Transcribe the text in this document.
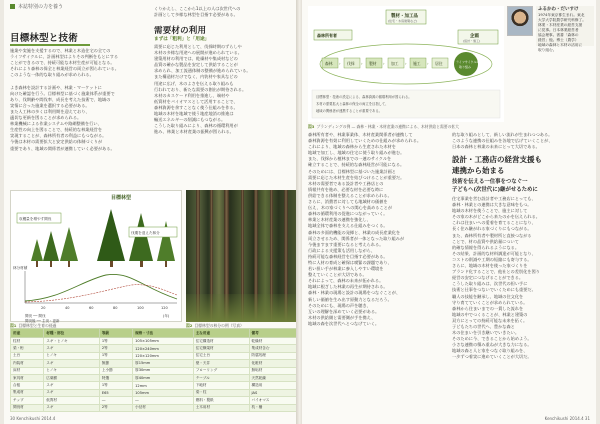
本誌特別の力を養う
目標林型と技術
施業や実施を支援するので、林業と木造住宅の全ての
ライフサイクルに、計画林型はよりその判断をもとにする
ことができるので、持続可能な木材生産が可能となる。
それにより森林の保全と林業経営の両立が図られている。
このような一体的な取り組みが求められる。

よき森林を設計する計画や、林業・マーケットに
向けた確認を行う。目標林型に基づく施業体系が重要で
あり、伐期齢や間伐率、成長を考えた技術で、地域の
実情に合った施業を選択する必要がある。
また人工林の多くは利用期を迎えており、
適切な更新を図ることが求められる。
林業機械による作業システムや路網整備を行い、
生産性の向上を図ることで、持続的な林業経営を
実現することが、森林所有者の利益にもつながる。
今後は木材の需要拡大と安定供給の体制づくりが
重要であり、地域の関係者が連携していく必要がある。
くりかえし、ここから1以上の人は次世代への
計画として多様な林型を目指す必要がある。
需要材の利用
まずは「粗利」と「用途」
需要に応じた利用として、伐採時期のずらしや
木材の多様な用途への展開が進められている。
建築用材の利用では、乾燥材や集成材などの
品質の確かな製品を安定して供給することが
求められ、加工流通体制の整備が進められている。
また構造材だけでなく、内装材や家具などの
用途に広げ、木のよさを伝える取り組みも
行われており、新たな需要の創出が期待される。
木材のカスケード利用を推進し、端材や
低質材をバイオマスとして活用することで、
森林資源を余すことなく使う仕組みを作る。
地域の木材を地域で使う地産地消の推進は
輸送エネルギーの削減にもつながる。
こうした取り組みにより、森林の循環利用が
進み、林業と木材産業の振興が図られる。
目標林型
収穫量を増やす間伐
伐期を迎えた林分
林分材積
20	40	60	80	100	120
(年)
間伐 ── 間伐
間伐後 ── 主伐・更新
図1 目標林型と生育の経過	図2 目標林型の林分の例（写真）
用途	材種・部位	等級	規格・寸法	主な用途	備考
柱材	スギ・ヒノキ	1等	105×105mm	住宅構造材	乾燥材
梁・桁	スギ	2等	120×240mm	住宅横架材	集成材含む
土台	ヒノキ	1等	120×120mm	住宅土台	防腐処理
内装材	スギ	無節	厚15mm	壁・天井	化粧材
床材	ヒノキ	上小節	厚30mm	フローリング	無垢材
家具材	広葉樹	特選	厚40mm	テーブル	天然乾燥
合板	スギ	1等	12mm	下地材	構造用
集成材	スギ	E65	105mm	梁・柱	JAS
チップ	低質材	―	―	燃料・製紙	バイオマス
間伐材	スギ	2等	小径材	土木用材	杭・柵
30 Kenchikushi 2014.4
製材・加工品
(住宅・木造建築など)
森林所有者	企画
(設計・施工)
森林 › 伐採 › 製材 › 加工 › 施工 › 居住	ライフサイクルの
取り組み
目標林型・技術の設定による、森林資源の循環利用が図られる。
木材の需要拡大と森林の保全の両立を目指して、
地域の関係者が連携することが重要である。
ふるかわ・だいすけ
1974年東京都生まれ。東北
大学大学院農学研究科修了。
林業・木材産業の経営支援
に従事。日本林業経営者
協会理事。著書「森林の
経営」他。博士（農学）
地域の森林と木材の活用に
取り組む。
図3 ブランディングの例 — 森林・林業・木材産業の連携による、木材供給と需要の拡大
森林所有者や、林業事業体、木材産業関係者が連携して
森林資源を有効に利用していくための仕組みが求められる。
これにより、地域の森林から生産された木材を
地域で加工し、地域の住宅に使う取り組みが進む。
また、伐採から植林までの一連のサイクルを
確立することで、持続的な森林経営が可能になる。
そのためには、目標林型に基づいた施業計画と
需要に応じた木材生産を結びつけることが重要だ。
木材の需要者である設計者や工務店との
情報共有を進め、必要な材を必要な時に
供給できる体制を整えることが求められる。
さらに、消費者に対しても地域材の価値を
伝え、木の家づくりへの関心を高めることが
森林の循環利用の促進につながっていく。
林業と木材産業の連携を強化し、
地域全体で森林を支える仕組みをつくる。
森林の多面的機能の発揮と、林業の成長産業化を
両立させるため、関係者が一体となった取り組みが
今後ますます重要になると考えられる。
行政による支援策も活用しながら、
持続可能な森林経営を目指す必要がある。
特に人材の育成と確保は喫緊の課題であり、
若い担い手が林業に参入しやすい環境を
整えていくことが大切である。
それによって、森林の未来が拓かれる。
地域に根ざした林業の再生が期待される。
森林・林業の現場と設計の現場をつなぐことが、
新しい価値を生み出す原動力となるだろう。
そのためにも、現場の声を聴き、
互いの理解を深めていく必要がある。
木材の供給側と需要側が手を携え、
地域の森を次世代へとつなげていく。
的な取り組みとして、新しい流れが生まれつつある。
このような連携の仕組みを各地で広げていくことが、
日本の森林と林業の未来にとって大切である。
設計・工務店の経営支援も
連携から始まる
技術を伝える一住事をつなぐ一
子どもへ(次世代に)継がせるために
住宅事業を営む設計者や工務店にとっても、
森林・林業との連携は大きな意味をもつ。
地域の木材を使うことで、施主に対して
その家の木がどこから来たのかを伝えられる。
これは住まいへの愛着を育てることになり、
長く住み継がれる家づくりにもつながる。
また、森林所有者や製材所と直接つながる
ことで、材の品質や供給量について
的確な情報を得られるようになる。
その結果、計画的な材料調達が可能となり、
コストの削減や工期の短縮にも寄与する。
さらに、地域の木材を使った家づくりを
ブランド化することで、他社との差別化を図り
経営の安定につなげることができる。
こうした取り組みは、次世代の担い手に
技術と仕事をつないでいくためにも重要だ。
職人の技能を継承し、地域の住文化を
守り育てていくことが求められている。
森林から住まいまでの一貫した流れを
地域の中でつくることが、林業と建築の
双方にとっての持続可能な未来を拓く。
子どもたちの世代へ、豊かな森と
木の住まいを引き継いでいきたい。
そのために今、できることから始めよう。
小さな連携の積み重ねが大きな力になる。
地域の森と人と家をつなぐ取り組みを、
一歩ずつ着実に進めていくことが大切だ。
Kenchikushi 2014.4 31
